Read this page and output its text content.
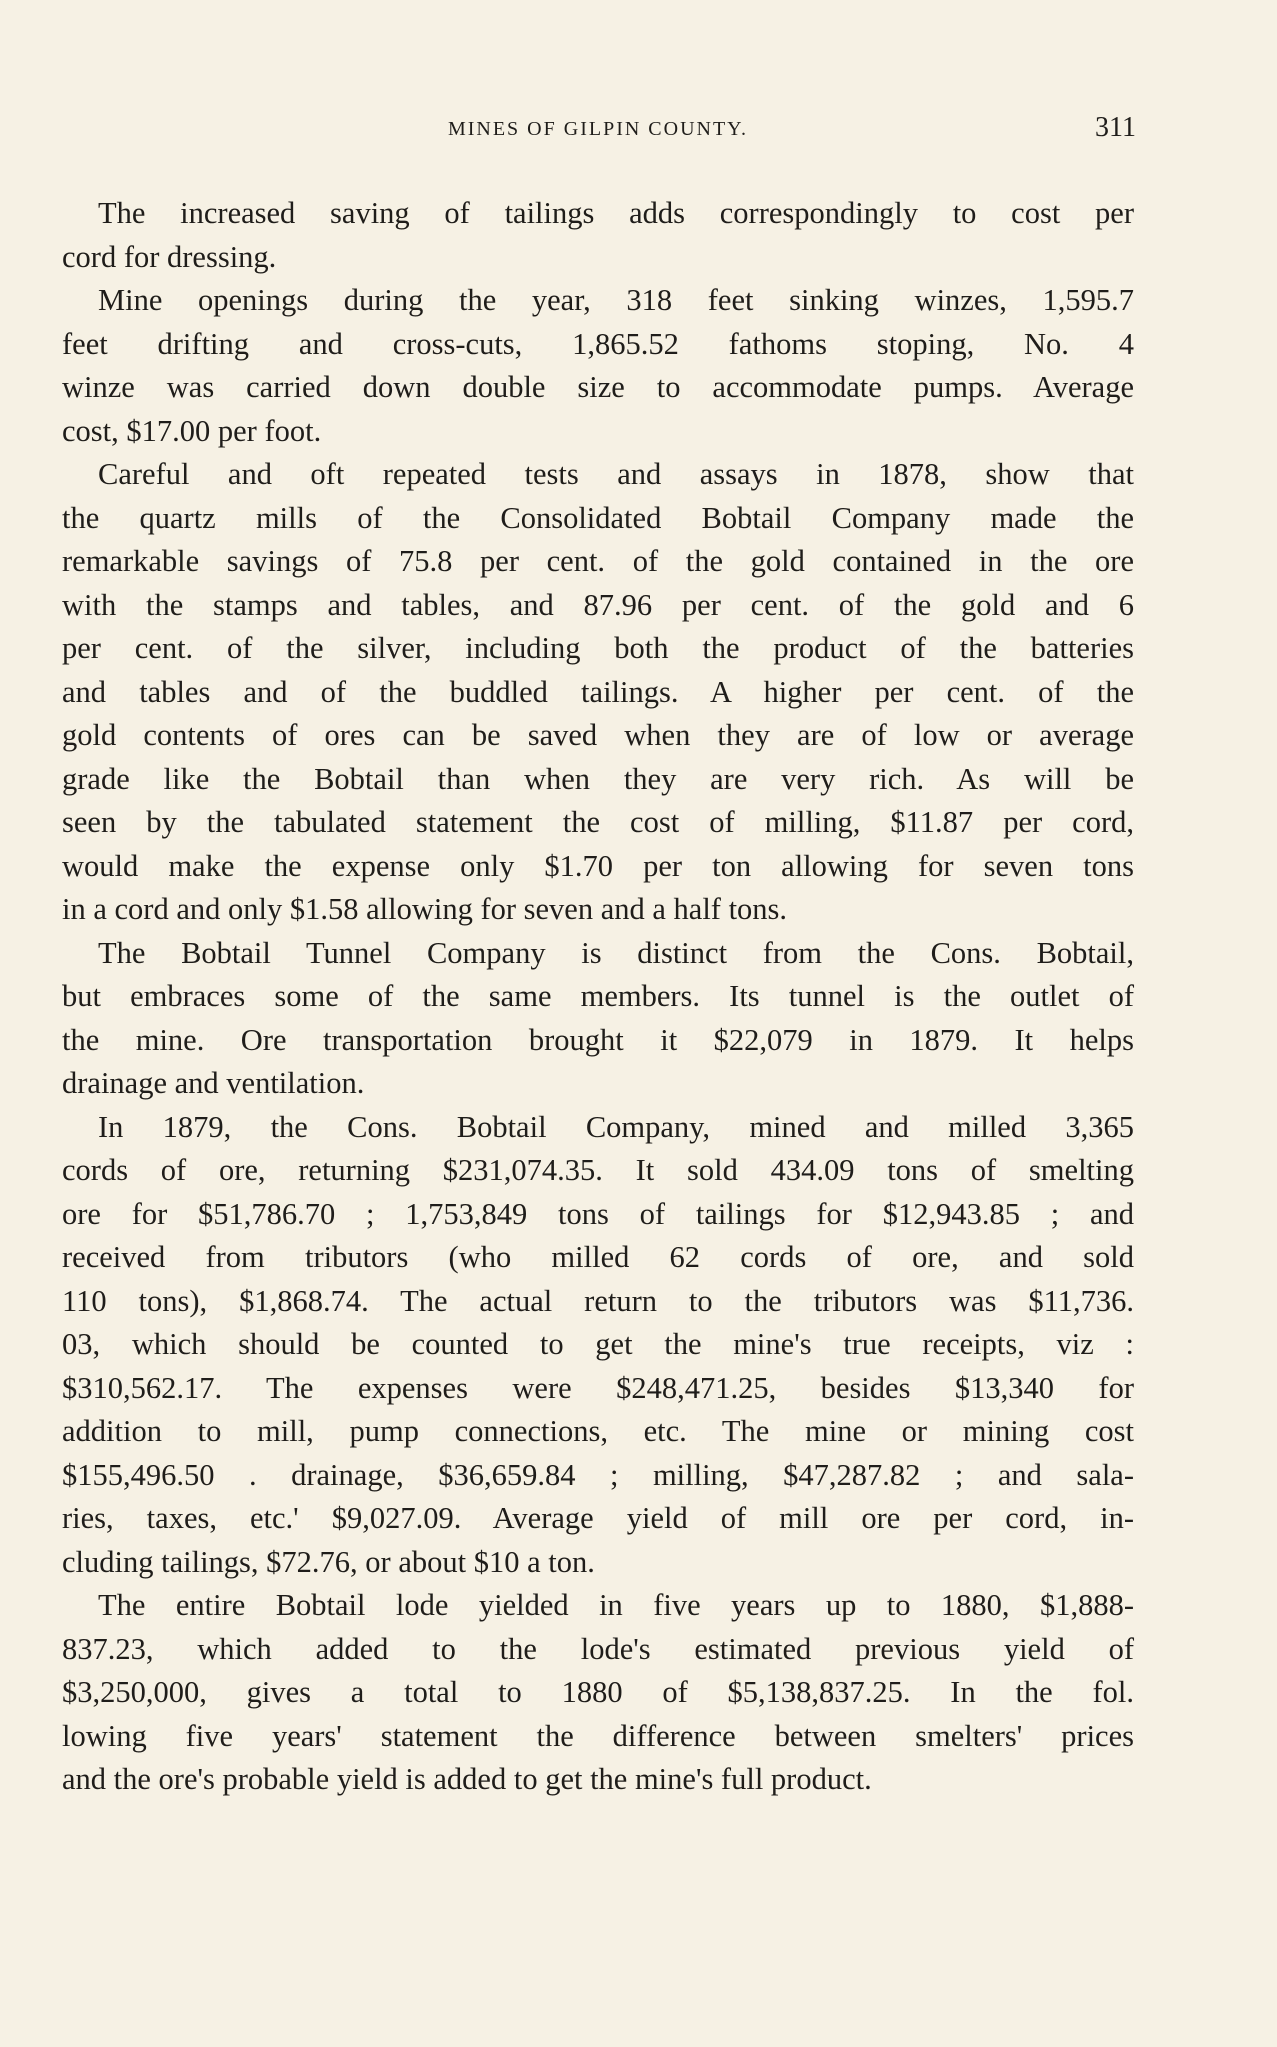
MINES OF GILPIN COUNTY.	311
The increased saving of tailings adds correspondingly to cost per
cord for dressing.
Mine openings during the year, 318 feet sinking winzes, 1,595.7
feet drifting and cross-cuts, 1,865.52 fathoms stoping, No. 4
winze was carried down double size to accommodate pumps. Average
cost, $17.00 per foot.
Careful and oft repeated tests and assays in 1878, show that
the quartz mills of the Consolidated Bobtail Company made the
remarkable savings of 75.8 per cent. of the gold contained in the ore
with the stamps and tables, and 87.96 per cent. of the gold and 6
per cent. of the silver, including both the product of the batteries
and tables and of the buddled tailings. A higher per cent. of the
gold contents of ores can be saved when they are of low or average
grade like the Bobtail than when they are very rich. As will be
seen by the tabulated statement the cost of milling, $11.87 per cord,
would make the expense only $1.70 per ton allowing for seven tons
in a cord and only $1.58 allowing for seven and a half tons.
The Bobtail Tunnel Company is distinct from the Cons. Bobtail,
but embraces some of the same members. Its tunnel is the outlet of
the mine. Ore transportation brought it $22,079 in 1879. It helps
drainage and ventilation.
In 1879, the Cons. Bobtail Company, mined and milled 3,365
cords of ore, returning $231,074.35. It sold 434.09 tons of smelting
ore for $51,786.70 ; 1,753,849 tons of tailings for $12,943.85 ; and
received from tributors (who milled 62 cords of ore, and sold
110 tons), $1,868.74. The actual return to the tributors was $11,736.
03, which should be counted to get the mine's true receipts, viz :
$310,562.17. The expenses were $248,471.25, besides $13,340 for
addition to mill, pump connections, etc. The mine or mining cost
$155,496.50 . drainage, $36,659.84 ; milling, $47,287.82 ; and sala-
ries, taxes, etc.' $9,027.09. Average yield of mill ore per cord, in-
cluding tailings, $72.76, or about $10 a ton.
The entire Bobtail lode yielded in five years up to 1880, $1,888-
837.23, which added to the lode's estimated previous yield of
$3,250,000, gives a total to 1880 of $5,138,837.25. In the fol.
lowing five years' statement the difference between smelters' prices
and the ore's probable yield is added to get the mine's full product.
